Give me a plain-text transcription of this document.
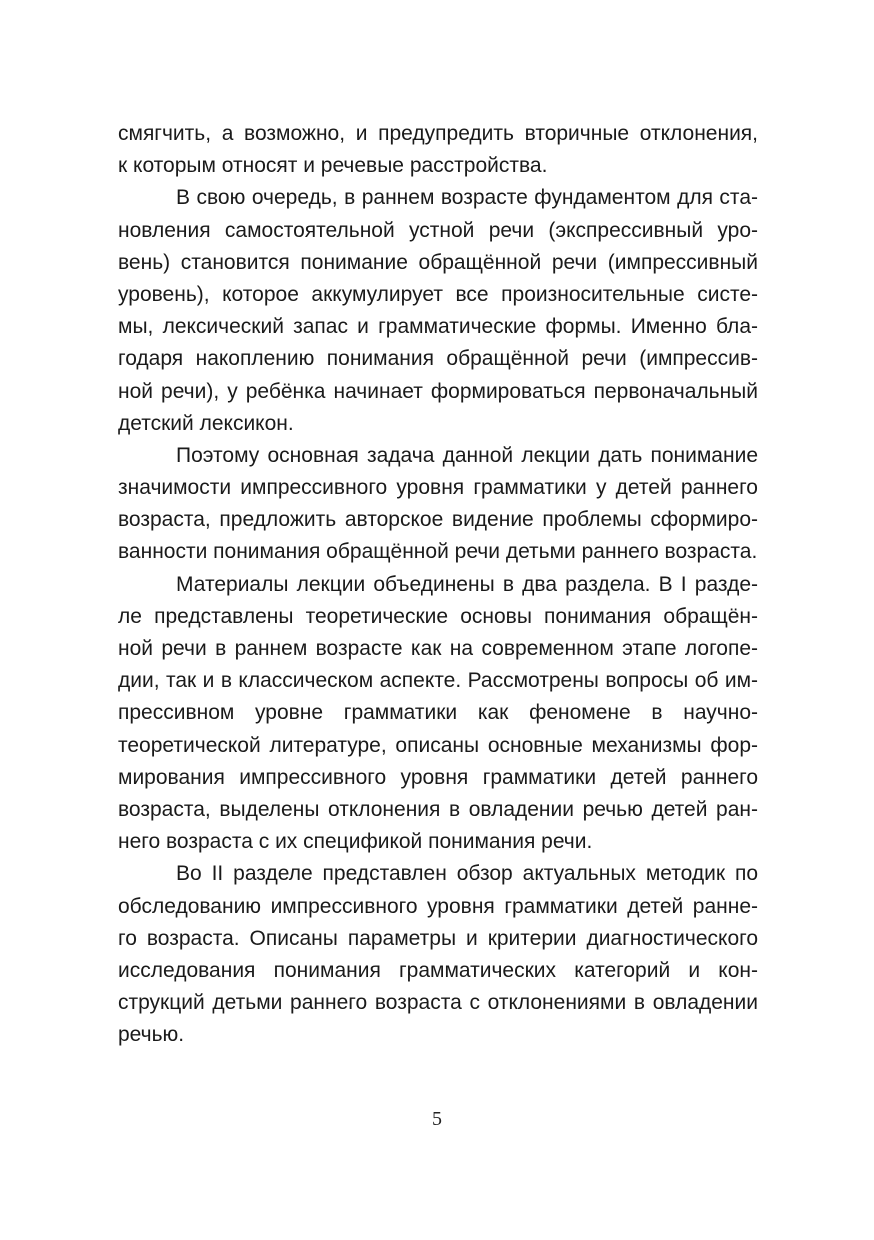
смягчить, а возможно, и предупредить вторичные отклонения,
к которым относят и речевые расстройства.
В свою очередь, в раннем возрасте фундаментом для ста-
новления самостоятельной устной речи (экспрессивный уро-
вень) становится понимание обращённой речи (импрессивный
уровень), которое аккумулирует все произносительные систе-
мы, лексический запас и грамматические формы. Именно бла-
годаря накоплению понимания обращённой речи (импрессив-
ной речи), у ребёнка начинает формироваться первоначальный
детский лексикон.
Поэтому основная задача данной лекции дать понимание
значимости импрессивного уровня грамматики у детей раннего
возраста, предложить авторское видение проблемы сформиро-
ванности понимания обращённой речи детьми раннего возраста.
Материалы лекции объединены в два раздела. В I разде-
ле представлены теоретические основы понимания обращён-
ной речи в раннем возрасте как на современном этапе логопе-
дии, так и в классическом аспекте. Рассмотрены вопросы об им-
прессивном уровне грамматики как феномене в научно-
теоретической литературе, описаны основные механизмы фор-
мирования импрессивного уровня грамматики детей раннего
возраста, выделены отклонения в овладении речью детей ран-
него возраста с их спецификой понимания речи.
Во II разделе представлен обзор актуальных методик по
обследованию импрессивного уровня грамматики детей ранне-
го возраста. Описаны параметры и критерии диагностического
исследования понимания грамматических категорий и кон-
струкций детьми раннего возраста с отклонениями в овладении
речью.
5
